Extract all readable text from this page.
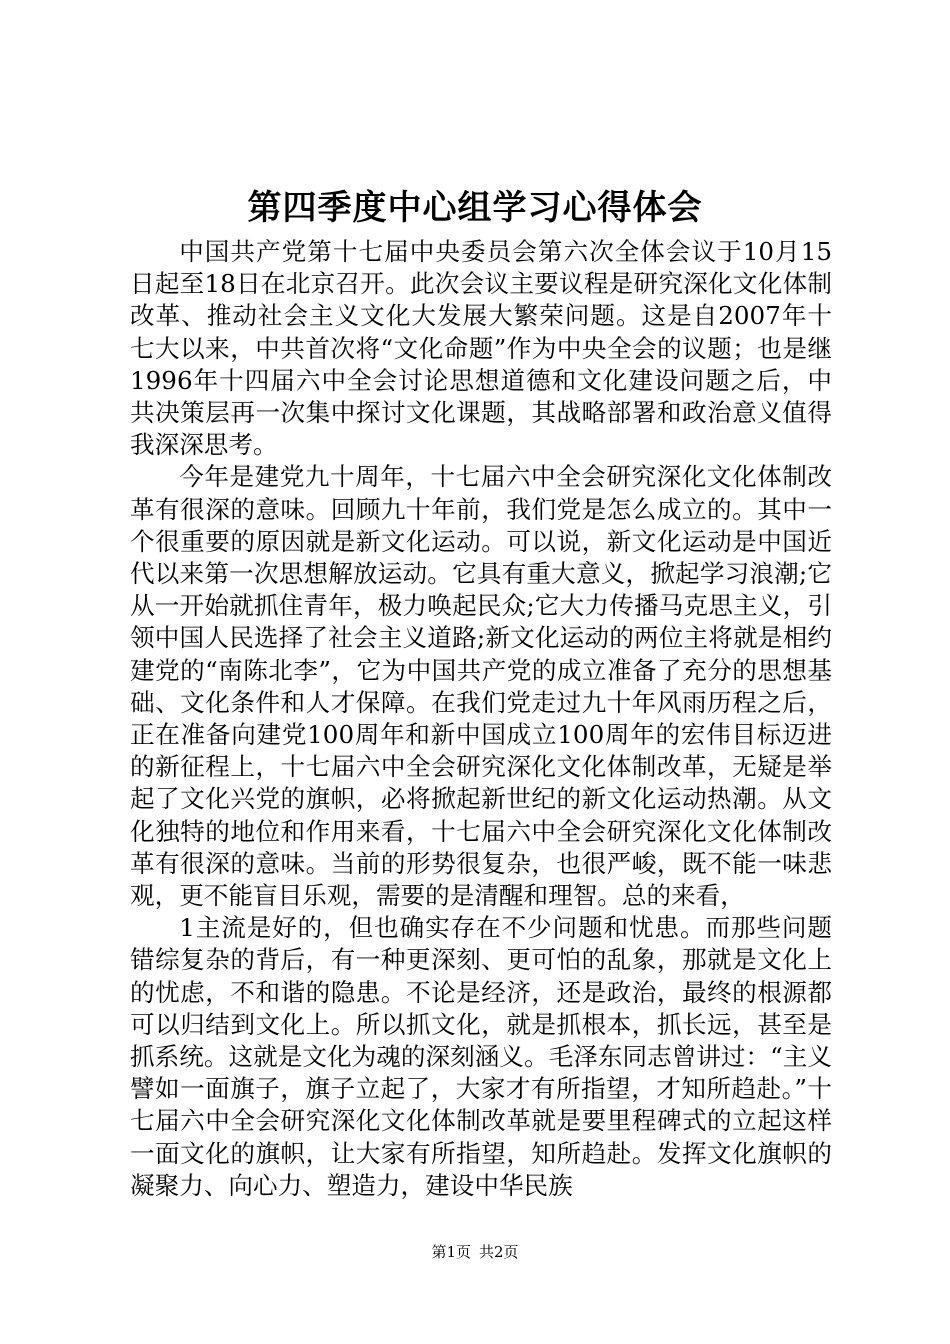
第四季度中心组学习心得体会

中国共产党第十七届中央委员会第六次全体会议于10月15日起至18日在北京召开。此次会议主要议程是研究深化文化体制改革、推动社会主义文化大发展大繁荣问题。这是自2007年十七大以来，中共首次将“文化命题”作为中央全会的议题；也是继1996年十四届六中全会讨论思想道德和文化建设问题之后，中共决策层再一次集中探讨文化课题，其战略部署和政治意义值得我深深思考。

今年是建党九十周年，十七届六中全会研究深化文化体制改革有很深的意味。回顾九十年前，我们党是怎么成立的。其中一个很重要的原因就是新文化运动。可以说，新文化运动是中国近代以来第一次思想解放运动。它具有重大意义，掀起学习浪潮;它从一开始就抓住青年，极力唤起民众;它大力传播马克思主义，引领中国人民选择了社会主义道路;新文化运动的两位主将就是相约建党的“南陈北李”，它为中国共产党的成立准备了充分的思想基础、文化条件和人才保障。在我们党走过九十年风雨历程之后，正在准备向建党100周年和新中国成立100周年的宏伟目标迈进的新征程上，十七届六中全会研究深化文化体制改革，无疑是举起了文化兴党的旗帜，必将掀起新世纪的新文化运动热潮。从文化独特的地位和作用来看，十七届六中全会研究深化文化体制改革有很深的意味。当前的形势很复杂，也很严峻，既不能一味悲观，更不能盲目乐观，需要的是清醒和理智。总的来看，

1主流是好的，但也确实存在不少问题和忧患。而那些问题错综复杂的背后，有一种更深刻、更可怕的乱象，那就是文化上的忧虑，不和谐的隐患。不论是经济，还是政治，最终的根源都可以归结到文化上。所以抓文化，就是抓根本，抓长远，甚至是抓系统。这就是文化为魂的深刻涵义。毛泽东同志曾讲过：“主义譬如一面旗子，旗子立起了，大家才有所指望，才知所趋赴。”十七届六中全会研究深化文化体制改革就是要里程碑式的立起这样一面文化的旗帜，让大家有所指望，知所趋赴。发挥文化旗帜的凝聚力、向心力、塑造力，建设中华民族

第1页 共2页
